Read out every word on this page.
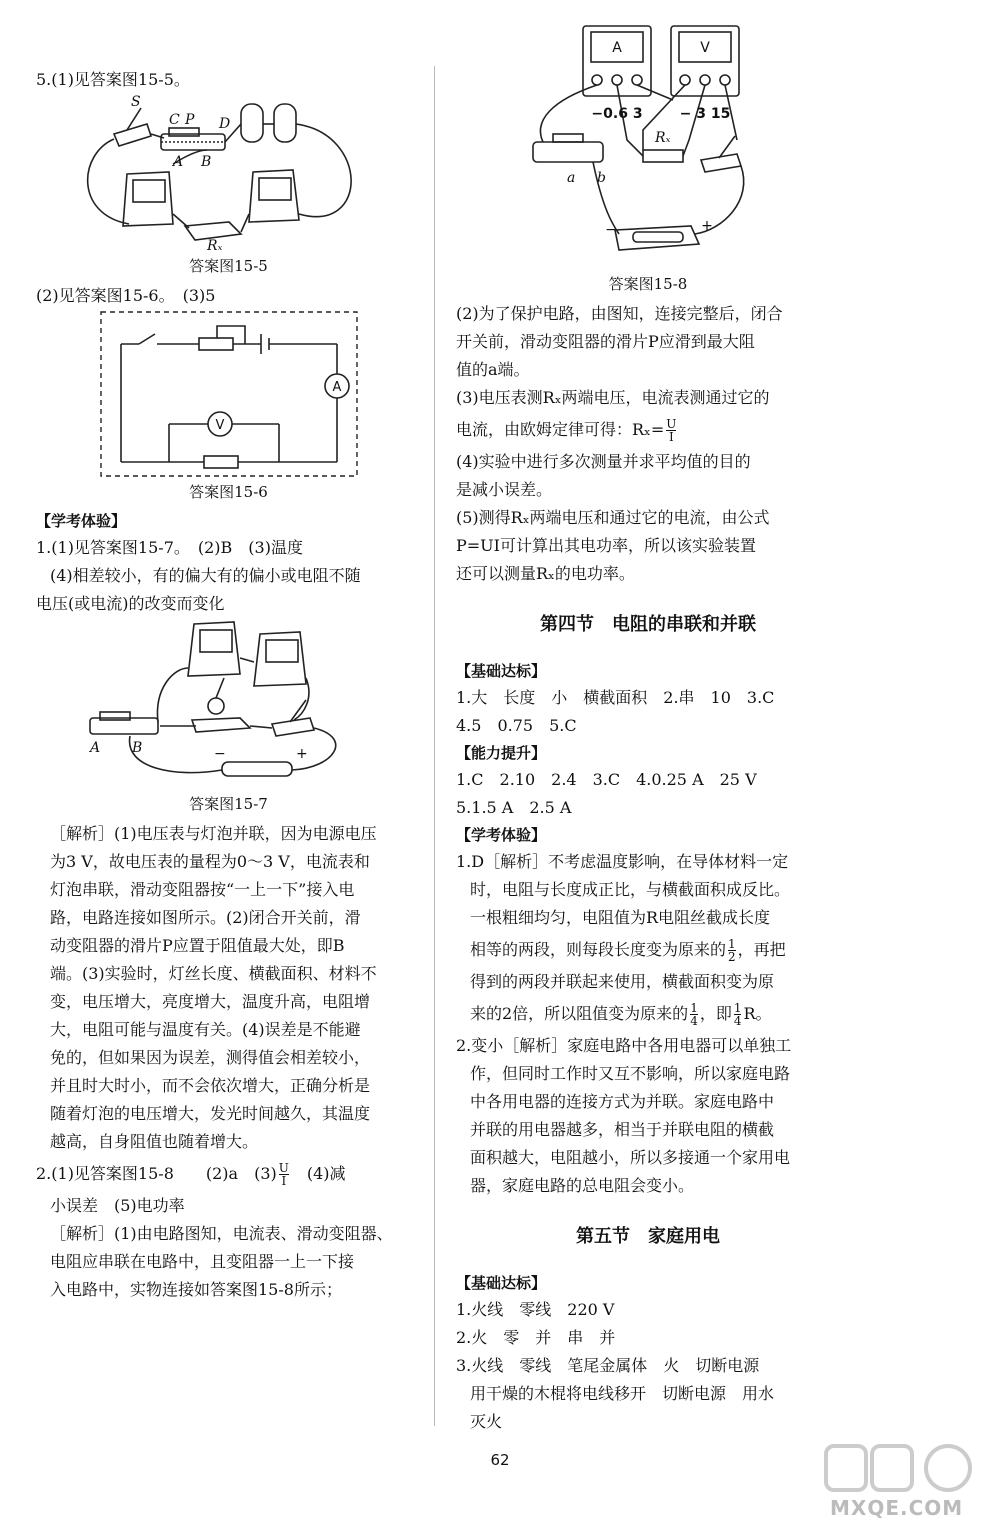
5.(1)见答案图15-5。

S
C P D
A B
Rₓ

答案图15-5

(2)见答案图15-6。　(3)5

V
A

答案图15-6

【学考体验】

1.(1)见答案图15-7。　(2)B　(3)温度

(4)相差较小，有的偏大有的偏小或电阻不随

电压(或电流)的改变而变化

A B	−	+

答案图15-7

［解析］(1)电压表与灯泡并联，因为电源电压

为3 V，故电压表的量程为0～3 V，电流表和

灯泡串联，滑动变阻器按“一上一下”接入电

路，电路连接如图所示。(2)闭合开关前，滑

动变阻器的滑片P应置于阻值最大处，即B

端。(3)实验时，灯丝长度、横截面积、材料不

变，电压增大，亮度增大，温度升高，电阻增

大，电阻可能与温度有关。(4)误差是不能避

免的，但如果因为误差，测得值会相差较小，

并且时大时小，而不会依次增大，正确分析是

随着灯泡的电压增大，发光时间越久，其温度

越高，自身阻值也随着增大。

2.(1)见答案图15-8　　(2)a　$(3) \frac{U}{I}$ 　(4)减

小误差　(5)电功率

［解析］(1)由电路图知，电流表、滑动变阻器、

电阻应串联在电路中，且变阻器一上一下接

入电路中，实物连接如答案图15-8所示；

A	V
−0.6 3	− 3 15
−	+
Rₓ
a b

答案图15-8

(2)为了保护电路，由图知，连接完整后，闭合

开关前，滑动变阻器的滑片P应滑到最大阻

值的a端。

(3)电压表测Rₓ两端电压，电流表测通过它的

电流，由欧姆定律可得：$R_x= \frac{U}{I}$

(4)实验中进行多次测量并求平均值的目的

是减小误差。

(5)测得Rₓ两端电压和通过它的电流，由公式

P=UI可计算出其电功率，所以该实验装置

还可以测量Rₓ的电功率。

第四节　电阻的串联和并联

【基础达标】

1.大　长度　小　横截面积　2.串　10　3.C

4.5　0.75　5.C

【能力提升】

1.C　2.10　2.4　3.C　4.0.25 A　25 V

5.1.5 A　2.5 A

【学考体验】

1.D［解析］不考虑温度影响，在导体材料一定

时，电阻与长度成正比，与横截面积成反比。

一根粗细均匀，电阻值为R电阻丝截成长度

相等的两段，则每段长度变为原来的 $\frac{1}{2}$ ，再把

得到的两段并联起来使用，横截面积变为原

来的2倍，所以阻值变为原来的 $\frac{1}{4}$ ，即 $\frac{1}{4}$ R。

2.变小［解析］家庭电路中各用电器可以单独工

作，但同时工作时又互不影响，所以家庭电路

中各用电器的连接方式为并联。家庭电路中

并联的用电器越多，相当于并联电阻的横截

面积越大，电阻越小，所以多接通一个家用电

器，家庭电路的总电阻会变小。

第五节　家庭用电

【基础达标】

1.火线　零线　220 V

2.火　零　并　串　并

3.火线　零线　笔尾金属体　火　切断电源

用干燥的木棍将电线移开　切断电源　用水

灭火

62
MXQE.COM
